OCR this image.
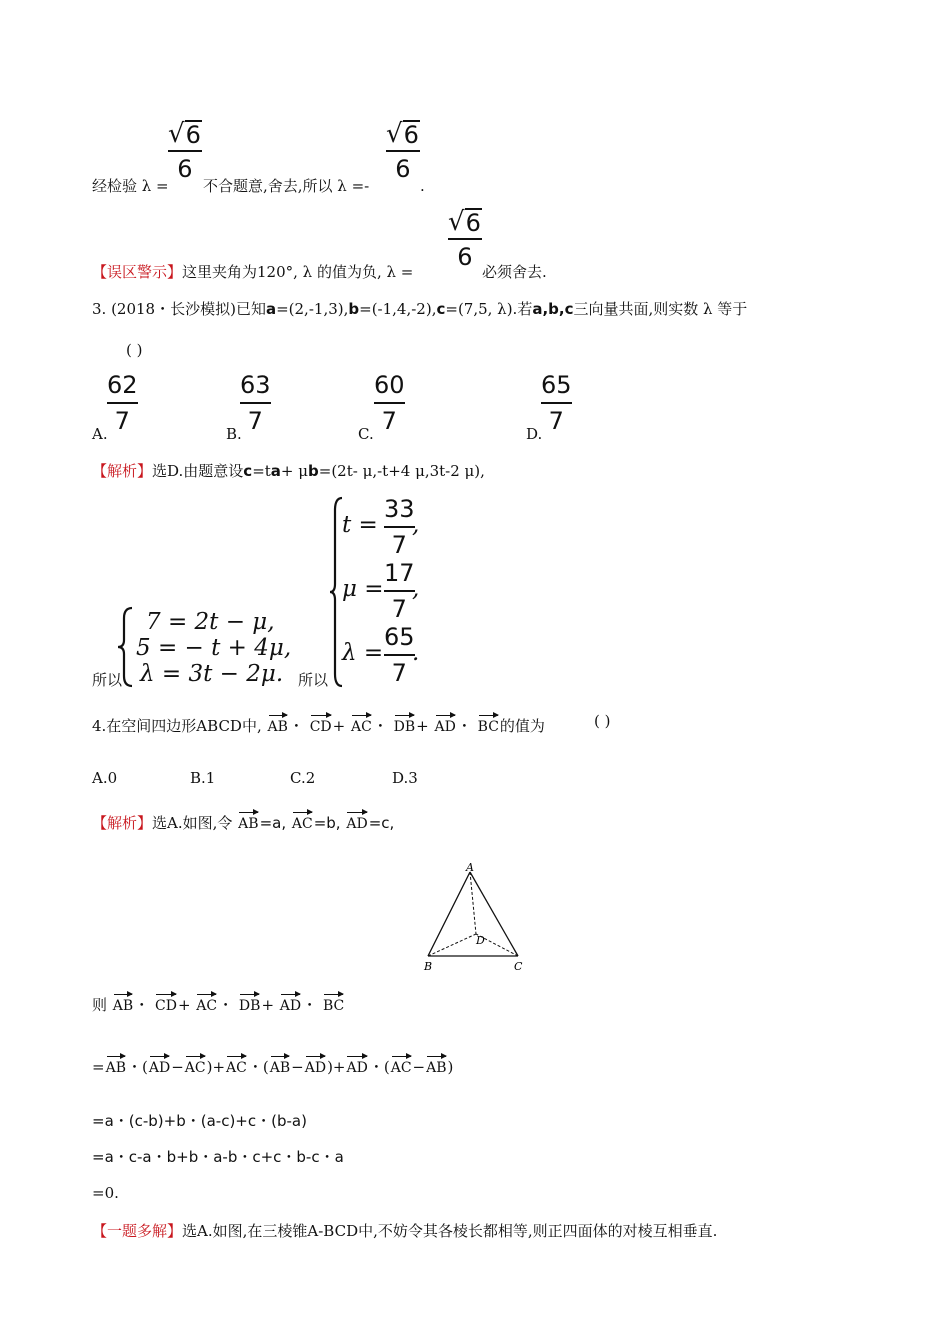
√ 6
6
√ 6
6
经检验 λ = 不合题意,舍去,所以 λ =-	.
√ 6
6
【误区警示】这里夹角为120°, λ 的值为负, λ =	必须舍去.
3. (2018・长沙模拟)已知a=(2,-1,3),b=(-1,4,-2),c=(7,5, λ).若a,b,c三向量共面,则实数 λ 等于
( )
A.
62
7	B.
63
7	C.
60
7	D.
65
7
【解析】选D.由题意设c=ta+ μb=(2t- μ,-t+4 μ,3t-2 μ),
所以
7 = 2t − μ,
5 = − t + 4μ,
λ = 3t − 2μ. 所以
t =
33
7
,
μ =
17
7
,
λ =
65
7
.
4.在空间四边形ABCD中, AB・ CD+ AC・ DB+ AD・ BC的值为	( )
A.0	B.1	C.2	D.3
【解析】选A.如图,令 AB=a, AC=b, AD=c,
A
B	C
D
则 AB・ CD+ AC・ DB+ AD・ BC
=AB・(AD−AC)+AC・(AB−AD)+AD・(AC−AB)
=a・(c-b)+b・(a-c)+c・(b-a)
=a・c-a・b+b・a-b・c+c・b-c・a
=0.
【一题多解】选A.如图,在三棱锥A-BCD中,不妨令其各棱长都相等,则正四面体的对棱互相垂直.
